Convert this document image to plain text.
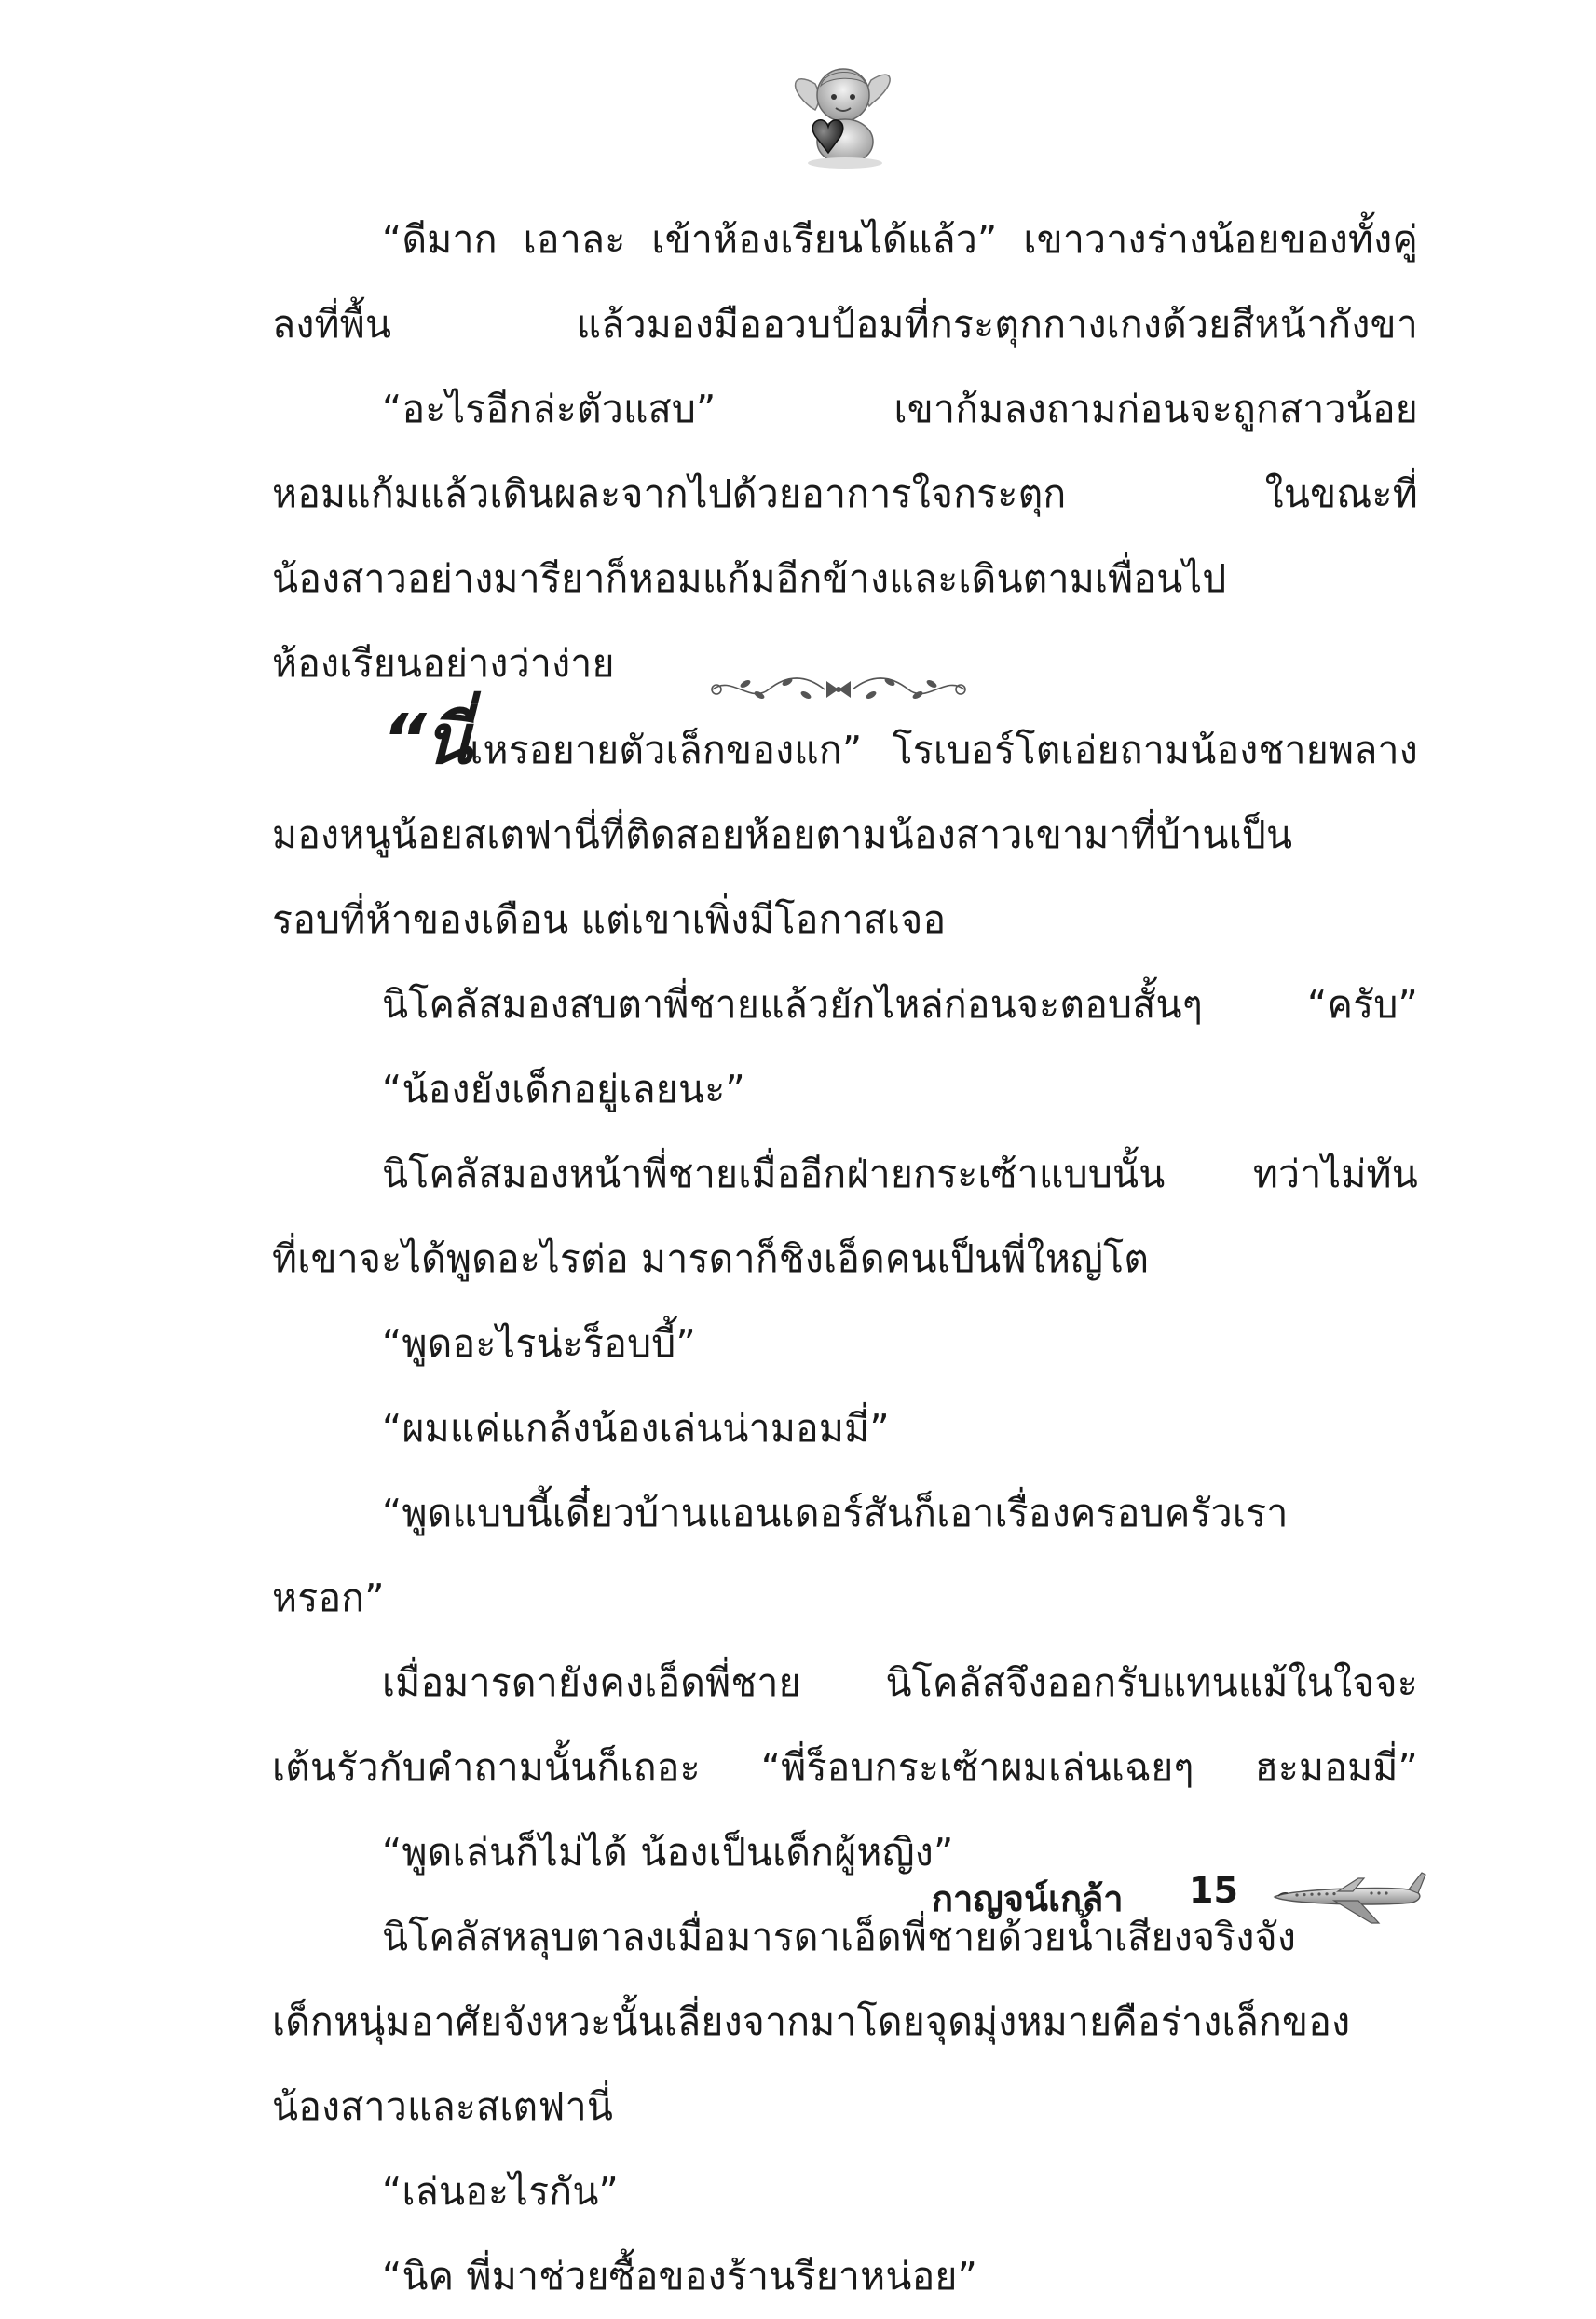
“ดีมาก เอาละ เข้าห้องเรียนได้แล้ว” เขาวางร่างน้อยของทั้งคู่
ลงที่พื้น แล้วมองมืออวบป้อมที่กระตุกกางเกงด้วยสีหน้ากังขา
“อะไรอีกล่ะตัวแสบ” เขาก้มลงถามก่อนจะถูกสาวน้อย
หอมแก้มแล้วเดินผละจากไปด้วยอาการใจกระตุก ในขณะที่
น้องสาวอย่างมารียาก็หอมแก้มอีกข้างและเดินตามเพื่อนไป
ห้องเรียนอย่างว่าง่าย
“นี่เหรอยายตัวเล็กของแก” โรเบอร์โตเอ่ยถามน้องชายพลาง
มองหนูน้อยสเตฟานี่ที่ติดสอยห้อยตามน้องสาวเขามาที่บ้านเป็น
รอบที่ห้าของเดือน แต่เขาเพิ่งมีโอกาสเจอ
นิโคลัสมองสบตาพี่ชายแล้วยักไหล่ก่อนจะตอบสั้นๆ “ครับ”
“น้องยังเด็กอยู่เลยนะ”
นิโคลัสมองหน้าพี่ชายเมื่ออีกฝ่ายกระเซ้าแบบนั้น ทว่าไม่ทัน
ที่เขาจะได้พูดอะไรต่อ มารดาก็ชิงเอ็ดคนเป็นพี่ใหญ่โต
“พูดอะไรน่ะร็อบบี้”
“ผมแค่แกล้งน้องเล่นน่ามอมมี่”
“พูดแบบนี้เดี๋ยวบ้านแอนเดอร์สันก็เอาเรื่องครอบครัวเรา
หรอก”
เมื่อมารดายังคงเอ็ดพี่ชาย นิโคลัสจึงออกรับแทนแม้ในใจจะ
เต้นรัวกับคำถามนั้นก็เถอะ “พี่ร็อบกระเซ้าผมเล่นเฉยๆ ฮะมอมมี่”
“พูดเล่นก็ไม่ได้ น้องเป็นเด็กผู้หญิง”
นิโคลัสหลุบตาลงเมื่อมารดาเอ็ดพี่ชายด้วยน้ำเสียงจริงจัง
เด็กหนุ่มอาศัยจังหวะนั้นเลี่ยงจากมาโดยจุดมุ่งหมายคือร่างเล็กของ
น้องสาวและสเตฟานี่
“เล่นอะไรกัน”
“นิค พี่มาช่วยซื้อของร้านรียาหน่อย”
กาญจน์เกล้า 15
